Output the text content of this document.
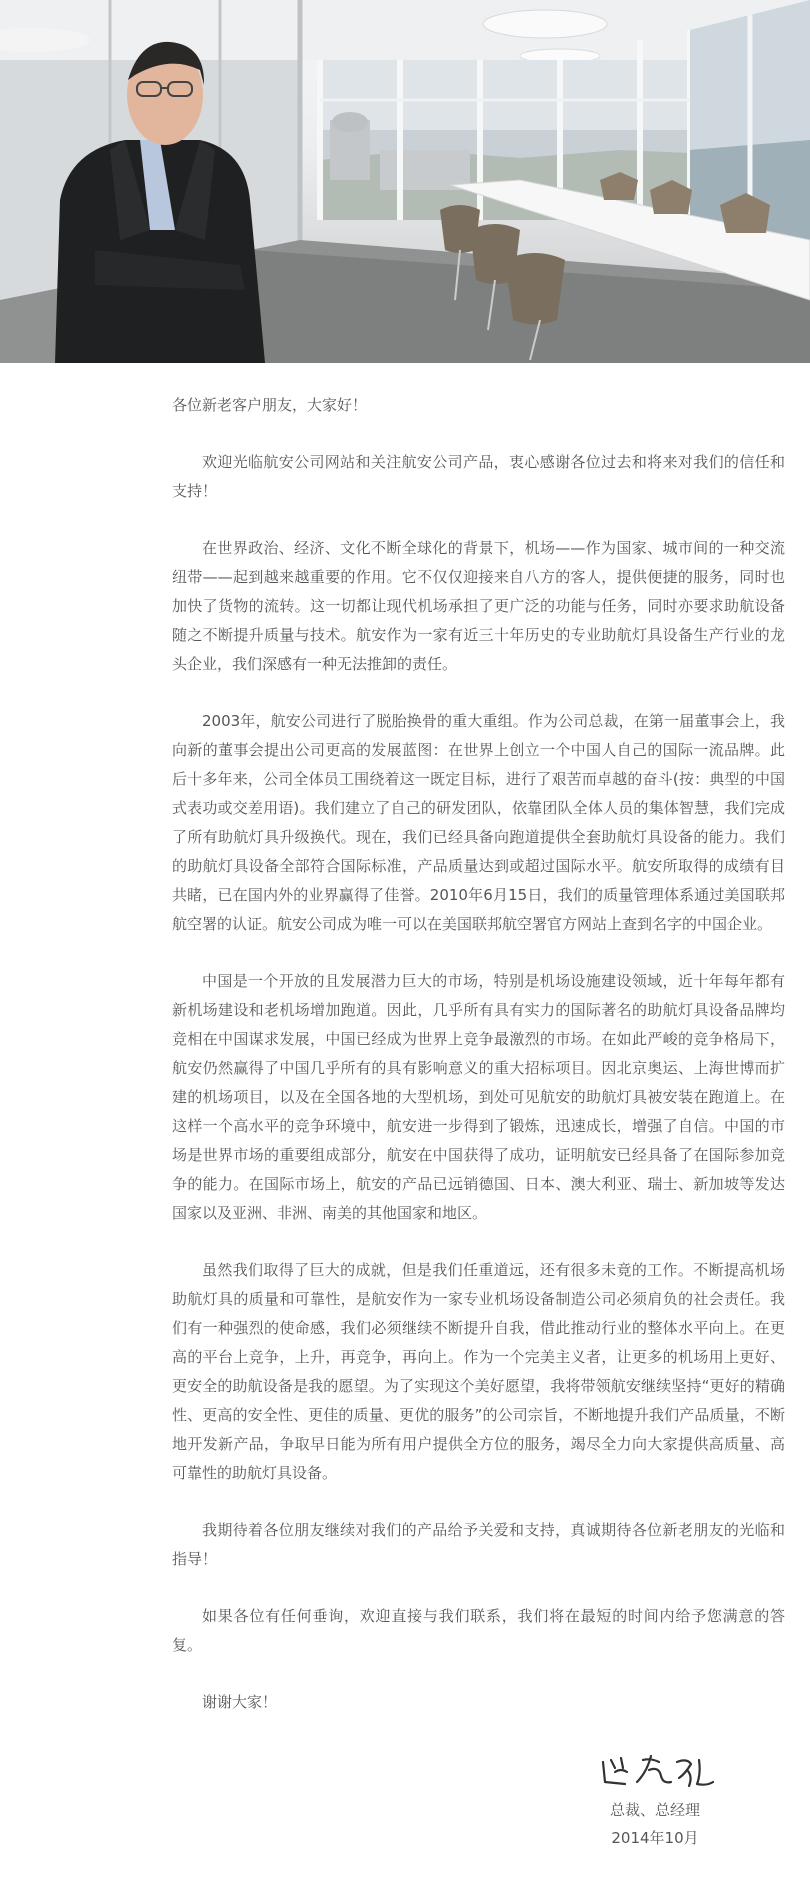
各位新老客户朋友，大家好！

欢迎光临航安公司网站和关注航安公司产品，衷心感谢各位过去和将来对我们的信任和支持！

在世界政治、经济、文化不断全球化的背景下，机场——作为国家、城市间的一种交流纽带——起到越来越重要的作用。它不仅仅迎接来自八方的客人，提供便捷的服务，同时也加快了货物的流转。这一切都让现代机场承担了更广泛的功能与任务，同时亦要求助航设备随之不断提升质量与技术。航安作为一家有近三十年历史的专业助航灯具设备生产行业的龙头企业，我们深感有一种无法推卸的责任。

2003年，航安公司进行了脱胎换骨的重大重组。作为公司总裁，在第一届董事会上，我向新的董事会提出公司更高的发展蓝图：在世界上创立一个中国人自己的国际一流品牌。此后十多年来，公司全体员工围绕着这一既定目标，进行了艰苦而卓越的奋斗(按：典型的中国式表功或交差用语)。我们建立了自己的研发团队，依靠团队全体人员的集体智慧，我们完成了所有助航灯具升级换代。现在，我们已经具备向跑道提供全套助航灯具设备的能力。我们的助航灯具设备全部符合国际标准，产品质量达到或超过国际水平。航安所取得的成绩有目共睹，已在国内外的业界赢得了佳誉。2010年6月15日，我们的质量管理体系通过美国联邦航空署的认证。航安公司成为唯一可以在美国联邦航空署官方网站上查到名字的中国企业。

中国是一个开放的且发展潜力巨大的市场，特别是机场设施建设领域，近十年每年都有新机场建设和老机场增加跑道。因此，几乎所有具有实力的国际著名的助航灯具设备品牌均竞相在中国谋求发展，中国已经成为世界上竞争最激烈的市场。在如此严峻的竞争格局下，航安仍然赢得了中国几乎所有的具有影响意义的重大招标项目。因北京奥运、上海世博而扩建的机场项目，以及在全国各地的大型机场，到处可见航安的助航灯具被安装在跑道上。在这样一个高水平的竞争环境中，航安进一步得到了锻炼，迅速成长，增强了自信。中国的市场是世界市场的重要组成部分，航安在中国获得了成功，证明航安已经具备了在国际参加竞争的能力。在国际市场上，航安的产品已远销德国、日本、澳大利亚、瑞士、新加坡等发达国家以及亚洲、非洲、南美的其他国家和地区。

虽然我们取得了巨大的成就，但是我们任重道远，还有很多未竟的工作。不断提高机场助航灯具的质量和可靠性，是航安作为一家专业机场设备制造公司必须肩负的社会责任。我们有一种强烈的使命感，我们必须继续不断提升自我，借此推动行业的整体水平向上。在更高的平台上竞争，上升，再竞争，再向上。作为一个完美主义者，让更多的机场用上更好、更安全的助航设备是我的愿望。为了实现这个美好愿望，我将带领航安继续坚持“更好的精确性、更高的安全性、更佳的质量、更优的服务”的公司宗旨，不断地提升我们产品质量，不断地开发新产品，争取早日能为所有用户提供全方位的服务，竭尽全力向大家提供高质量、高可靠性的助航灯具设备。

我期待着各位朋友继续对我们的产品给予关爱和支持，真诚期待各位新老朋友的光临和指导！

如果各位有任何垂询，欢迎直接与我们联系，我们将在最短的时间内给予您满意的答复。

谢谢大家！

总裁、总经理
2014年10月
